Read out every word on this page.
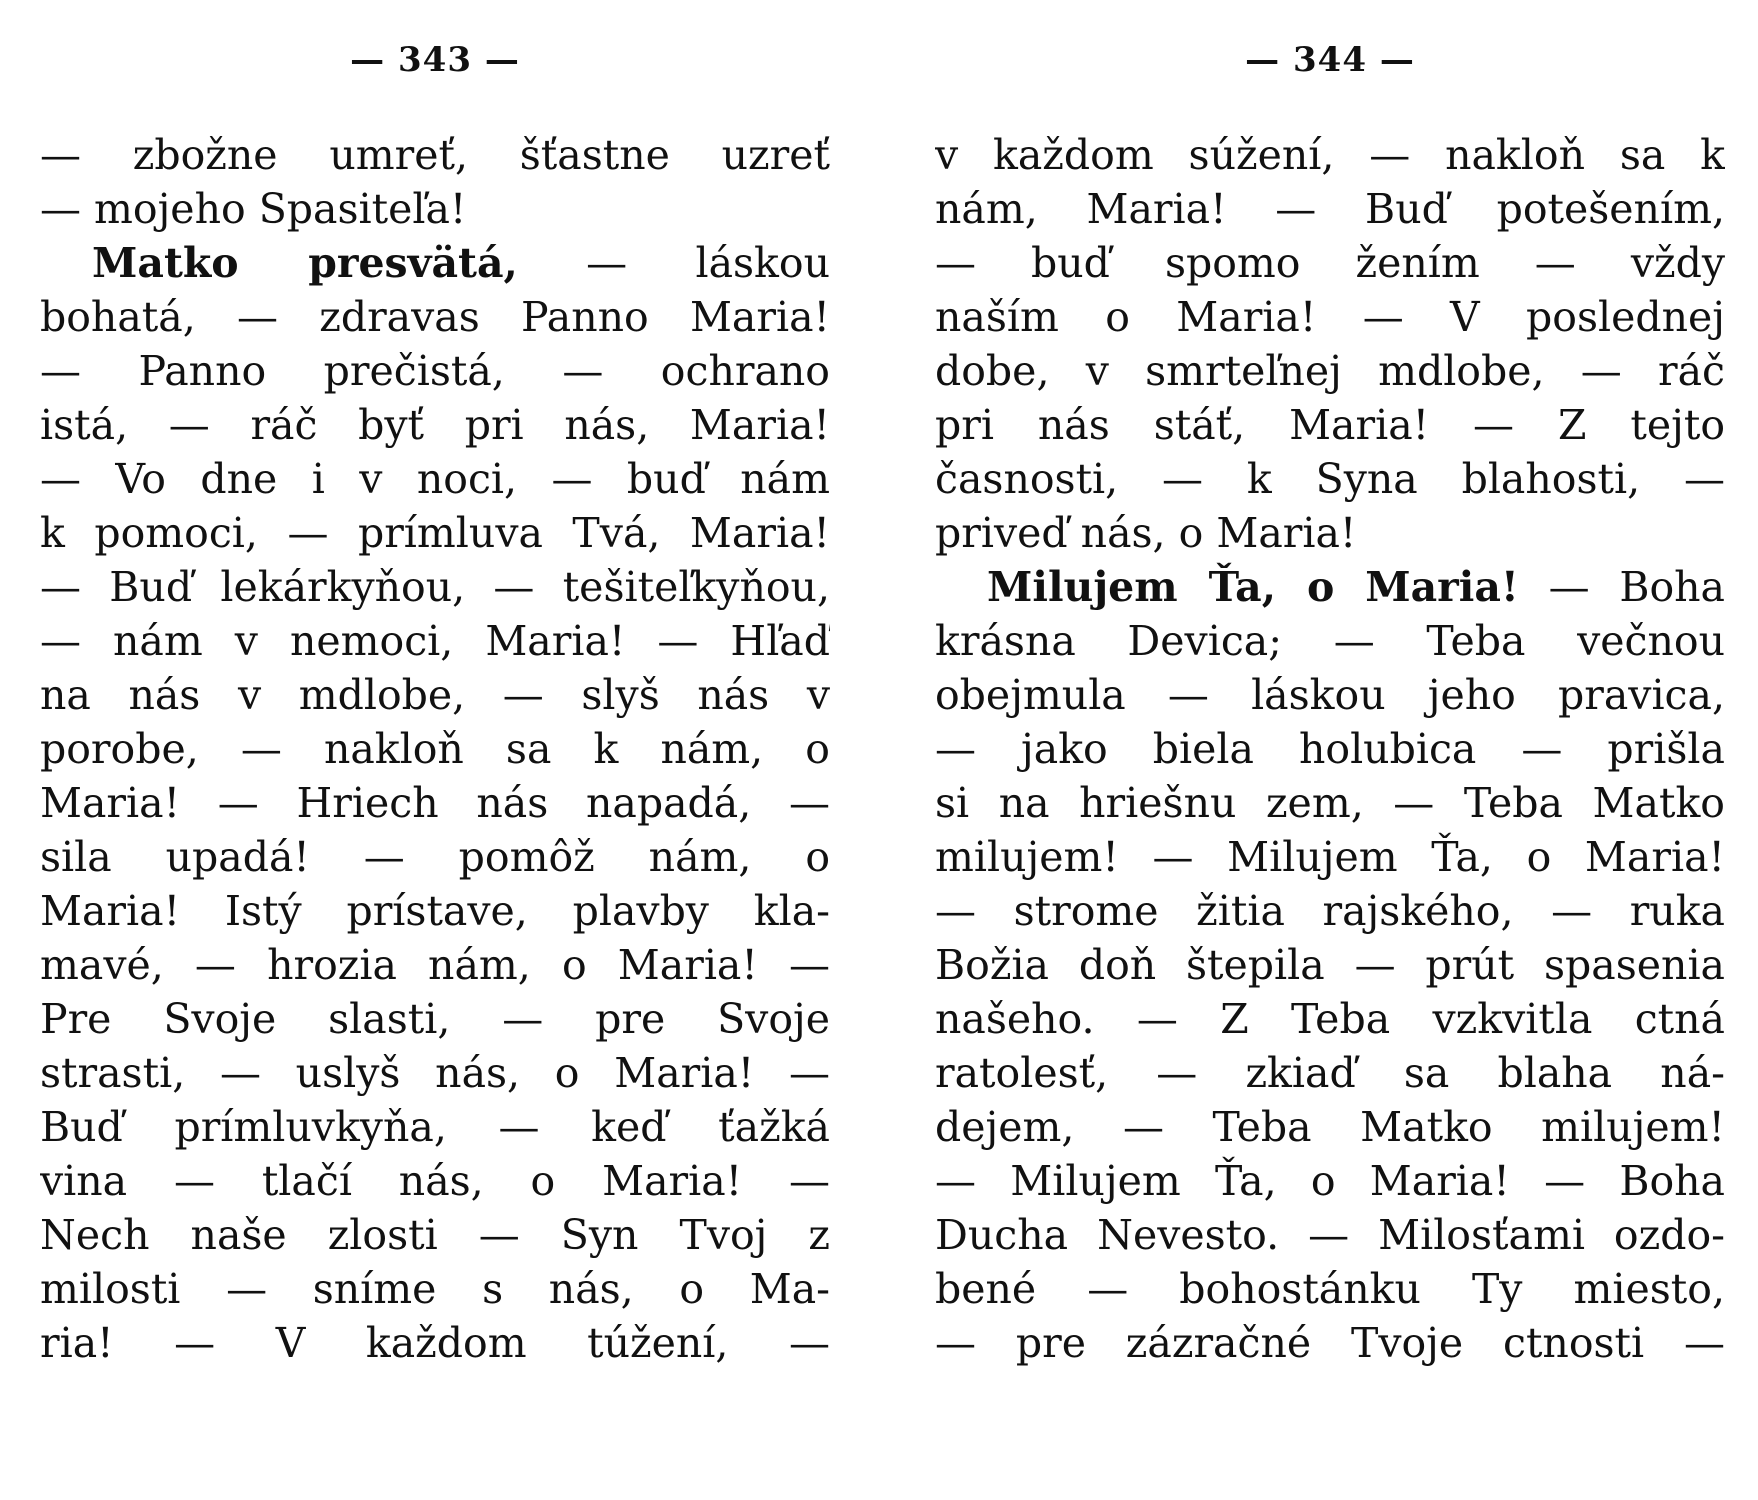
— 343 —
— zbožne umreť, šťastne uzreť
— mojeho Spasiteľa!
Matko presvätá, — láskou
bohatá, — zdravas Panno Maria!
— Panno prečistá, — ochrano
istá, — ráč byť pri nás, Maria!
— Vo dne i v noci, — buď nám
k pomoci, — prímluva Tvá, Maria!
— Buď lekárkyňou, — tešiteľkyňou,
— nám v nemoci, Maria! — Hľaď
na nás v mdlobe, — slyš nás v
porobe, — nakloň sa k nám, o
Maria! — Hriech nás napadá, —
sila upadá! — pomôž nám, o
Maria! Istý prístave, plavby kla-
mavé, — hrozia nám, o Maria! —
Pre Svoje slasti, — pre Svoje
strasti, — uslyš nás, o Maria! —
Buď prímluvkyňa, — keď ťažká
vina — tlačí nás, o Maria! —
Nech naše zlosti — Syn Tvoj z
milosti — sníme s nás, o Ma-
ria! — V každom túžení, —
— 344 —
v každom súžení, — nakloň sa k
nám, Maria! — Buď potešením,
— buď spomo žením — vždy
naším o Maria! — V poslednej
dobe, v smrteľnej mdlobe, — ráč
pri nás stáť, Maria! — Z tejto
časnosti, — k Syna blahosti, —
priveď nás, o Maria!
Milujem Ťa, o Maria! — Boha
krásna Devica; — Teba večnou
obejmula — láskou jeho pravica,
— jako biela holubica — prišla
si na hriešnu zem, — Teba Matko
milujem! — Milujem Ťa, o Maria!
— strome žitia rajského, — ruka
Božia doň štepila — prút spasenia
našeho. — Z Teba vzkvitla ctná
ratolesť, — zkiaď sa blaha ná-
dejem, — Teba Matko milujem!
— Milujem Ťa, o Maria! — Boha
Ducha Nevesto. — Milosťami ozdo-
bené — bohostánku Ty miesto,
— pre zázračné Tvoje ctnosti —
